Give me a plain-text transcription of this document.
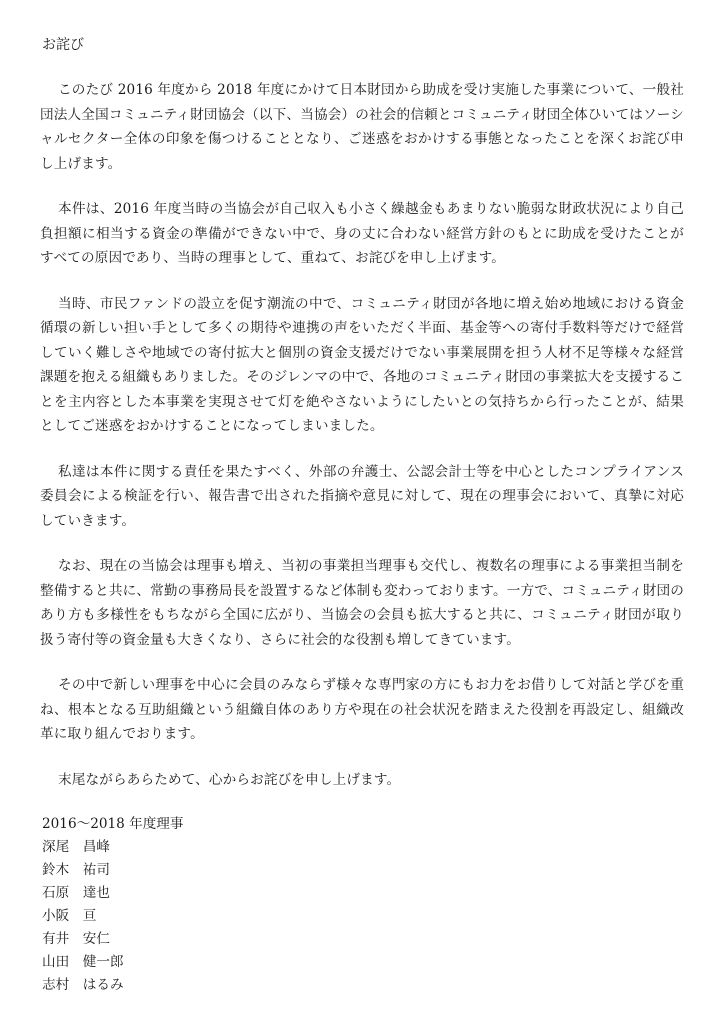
お詫び

このたび 2016 年度から 2018 年度にかけて日本財団から助成を受け実施した事業について、一般社団法人全国コミュニティ財団協会（以下、当協会）の社会的信頼とコミュニティ財団全体ひいてはソーシャルセクター全体の印象を傷つけることとなり、ご迷惑をおかけする事態となったことを深くお詫び申し上げます。

本件は、2016 年度当時の当協会が自己収入も小さく繰越金もあまりない脆弱な財政状況により自己負担額に相当する資金の準備ができない中で、身の丈に合わない経営方針のもとに助成を受けたことがすべての原因であり、当時の理事として、重ねて、お詫びを申し上げます。

当時、市民ファンドの設立を促す潮流の中で、コミュニティ財団が各地に増え始め地域における資金循環の新しい担い手として多くの期待や連携の声をいただく半面、基金等への寄付手数料等だけで経営していく難しさや地域での寄付拡大と個別の資金支援だけでない事業展開を担う人材不足等様々な経営課題を抱える組織もありました。そのジレンマの中で、各地のコミュニティ財団の事業拡大を支援することを主内容とした本事業を実現させて灯を絶やさないようにしたいとの気持ちから行ったことが、結果としてご迷惑をおかけすることになってしまいました。

私達は本件に関する責任を果たすべく、外部の弁護士、公認会計士等を中心としたコンプライアンス委員会による検証を行い、報告書で出された指摘や意見に対して、現在の理事会において、真摯に対応していきます。

なお、現在の当協会は理事も増え、当初の事業担当理事も交代し、複数名の理事による事業担当制を整備すると共に、常勤の事務局長を設置するなど体制も変わっております。一方で、コミュニティ財団のあり方も多様性をもちながら全国に広がり、当協会の会員も拡大すると共に、コミュニティ財団が取り扱う寄付等の資金量も大きくなり、さらに社会的な役割も増してきています。

その中で新しい理事を中心に会員のみならず様々な専門家の方にもお力をお借りして対話と学びを重ね、根本となる互助組織という組織自体のあり方や現在の社会状況を踏まえた役割を再設定し、組織改革に取り組んでおります。

末尾ながらあらためて、心からお詫びを申し上げます。

2016～2018 年度理事
深尾　昌峰
鈴木　祐司
石原　達也
小阪　亘
有井　安仁
山田　健一郎
志村　はるみ
